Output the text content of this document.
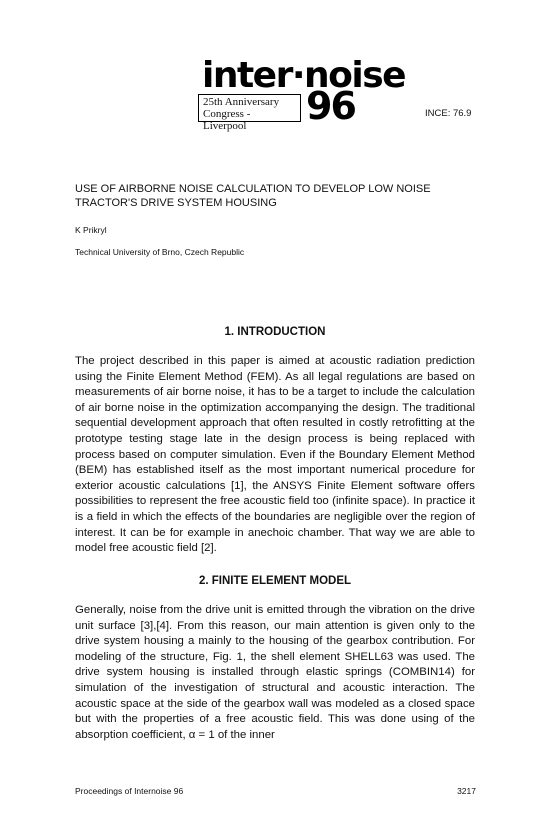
inter·noise
25th Anniversary
Congress - Liverpool	96	INCE: 76.9
USE OF AIRBORNE NOISE CALCULATION TO DEVELOP LOW NOISE TRACTOR'S DRIVE SYSTEM HOUSING
K Prikryl
Technical University of Brno, Czech Republic
1. INTRODUCTION
The project described in this paper is aimed at acoustic radiation prediction using the Finite Element Method (FEM). As all legal regulations are based on measurements of air borne noise, it has to be a target to include the calculation of air borne noise in the optimization accompanying the design. The traditional sequential development approach that often resulted in costly retrofitting at the prototype testing stage late in the design process is being replaced with process based on computer simulation. Even if the Boundary Element Method (BEM) has established itself as the most important numerical procedure for exterior acoustic calculations [1], the ANSYS Finite Element software offers possibilities to represent the free acoustic field too (infinite space). In practice it is a field in which the effects of the boundaries are negligible over the region of interest. It can be for example in anechoic chamber. That way we are able to model free acoustic field [2].
2. FINITE ELEMENT MODEL
Generally, noise from the drive unit is emitted through the vibration on the drive unit surface [3],[4]. From this reason, our main attention is given only to the drive system housing a mainly to the housing of the gearbox contribution. For modeling of the structure, Fig. 1, the shell element SHELL63 was used. The drive system housing is installed through elastic springs (COMBIN14) for simulation of the investigation of structural and acoustic interaction. The acoustic space at the side of the gearbox wall was modeled as a closed space but with the properties of a free acoustic field. This was done using of the absorption coefficient, α = 1 of the inner
Proceedings of Internoise 96	3217
